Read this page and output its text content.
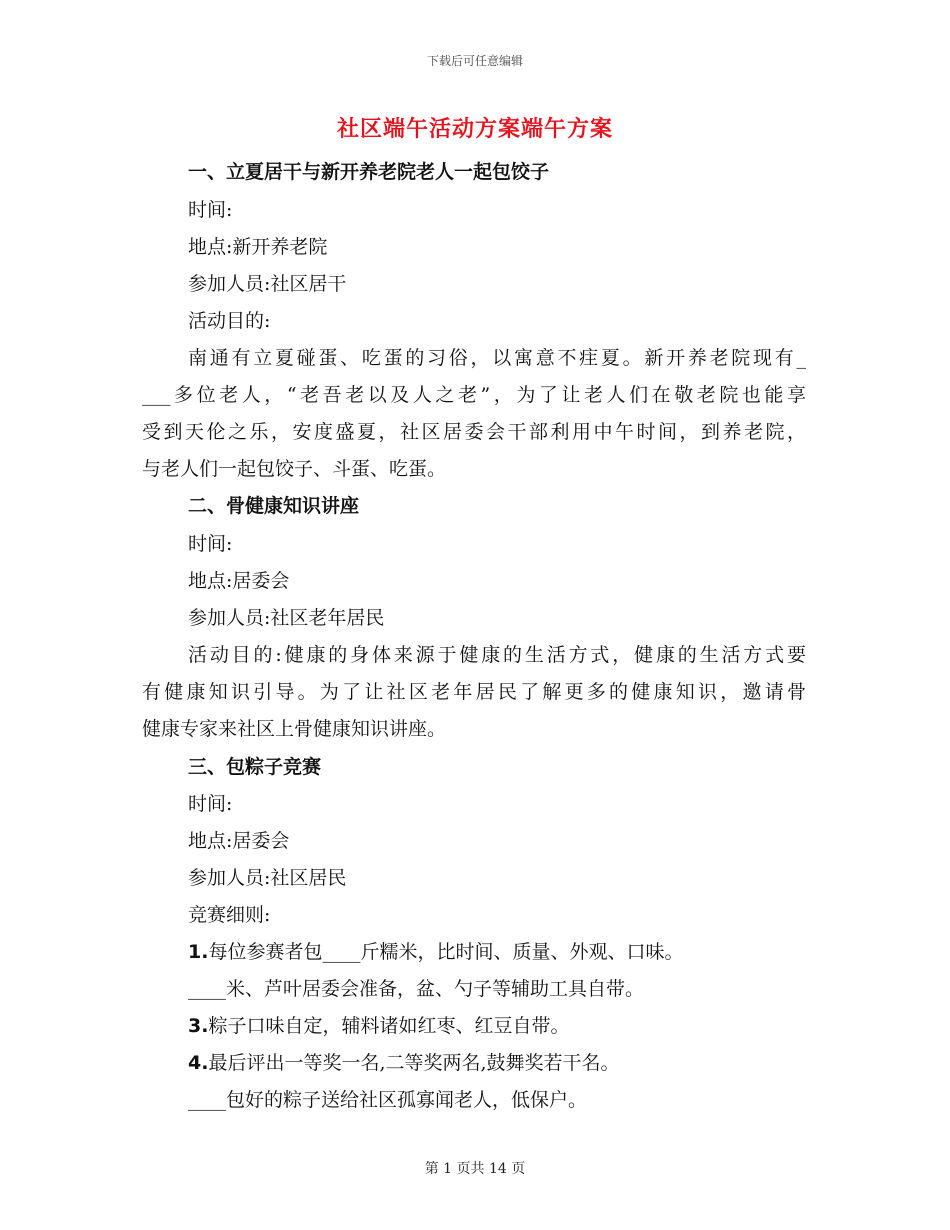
下载后可任意编辑
社区端午活动方案端午方案
一、立夏居干与新开养老院老人一起包饺子
时间:
地点:新开养老院
参加人员:社区居干
活动目的:
南通有立夏碰蛋、吃蛋的习俗，以寓意不疰夏。新开养老院现有_
___多位老人，“老吾老以及人之老”，为了让老人们在敬老院也能享
受到天伦之乐，安度盛夏，社区居委会干部利用中午时间，到养老院，
与老人们一起包饺子、斗蛋、吃蛋。
二、骨健康知识讲座
时间:
地点:居委会
参加人员:社区老年居民
活动目的:健康的身体来源于健康的生活方式，健康的生活方式要
有健康知识引导。为了让社区老年居民了解更多的健康知识，邀请骨
健康专家来社区上骨健康知识讲座。
三、包粽子竞赛
时间:
地点:居委会
参加人员:社区居民
竞赛细则:
1.每位参赛者包____斤糯米，比时间、质量、外观、口味。
____米、芦叶居委会准备，盆、勺子等辅助工具自带。
3.粽子口味自定，辅料诸如红枣、红豆自带。
4.最后评出一等奖一名,二等奖两名,鼓舞奖若干名。
____包好的粽子送给社区孤寡闻老人，低保户。
第 1 页共 14 页
